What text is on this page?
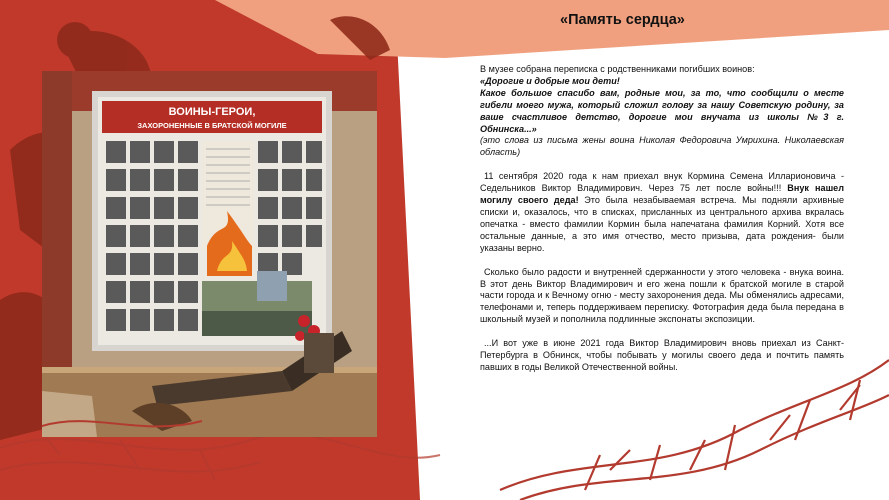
ВОИНЫ-ГЕРОИ,
ЗАХОРОНЕННЫЕ В БРАТСКОЙ МОГИЛЕ
«Память сердца»

В музее собрана переписка с родственниками погибших воинов:

«Дорогие и добрые мои дети!

Какое большое спасибо вам, родные мои, за то, что сообщили о месте гибели моего мужа, который сложил голову за нашу Советскую родину, за ваше счастливое детство, дорогие мои внучата из школы №3 г. Обнинска...»

(это слова из письма жены воина Николая Федоровича Умрихина. Николаевская область)

11 сентября 2020 года к нам приехал внук Кормина Семена Илларионовича - Седельников Виктор Владимирович. Через 75 лет после войны!!! Внук нашел могилу своего деда! Это была незабываемая встреча. Мы подняли архивные списки и, оказалось, что в списках, присланных из центрального архива вкралась опечатка - вместо фамилии Кормин была напечатана фамилия Корний. Хотя все остальные данные, а это имя отчество, место призыва, дата рождения- были указаны верно.

Сколько было радости и внутренней сдержанности у этого человека - внука воина. В этот день Виктор Владимирович и его жена пошли к братской могиле в старой части города и к Вечному огню - месту захоронения деда. Мы обменялись адресами, телефонами и, теперь поддерживаем переписку. Фотография деда была передана в школьный музей и пополнила подлинные экспонаты экспозиции.

...И вот уже в июне 2021 года Виктор Владимирович вновь приехал из Санкт-Петербурга в Обнинск, чтобы побывать у могилы своего деда и почтить память павших в годы Великой Отечественной войны.
